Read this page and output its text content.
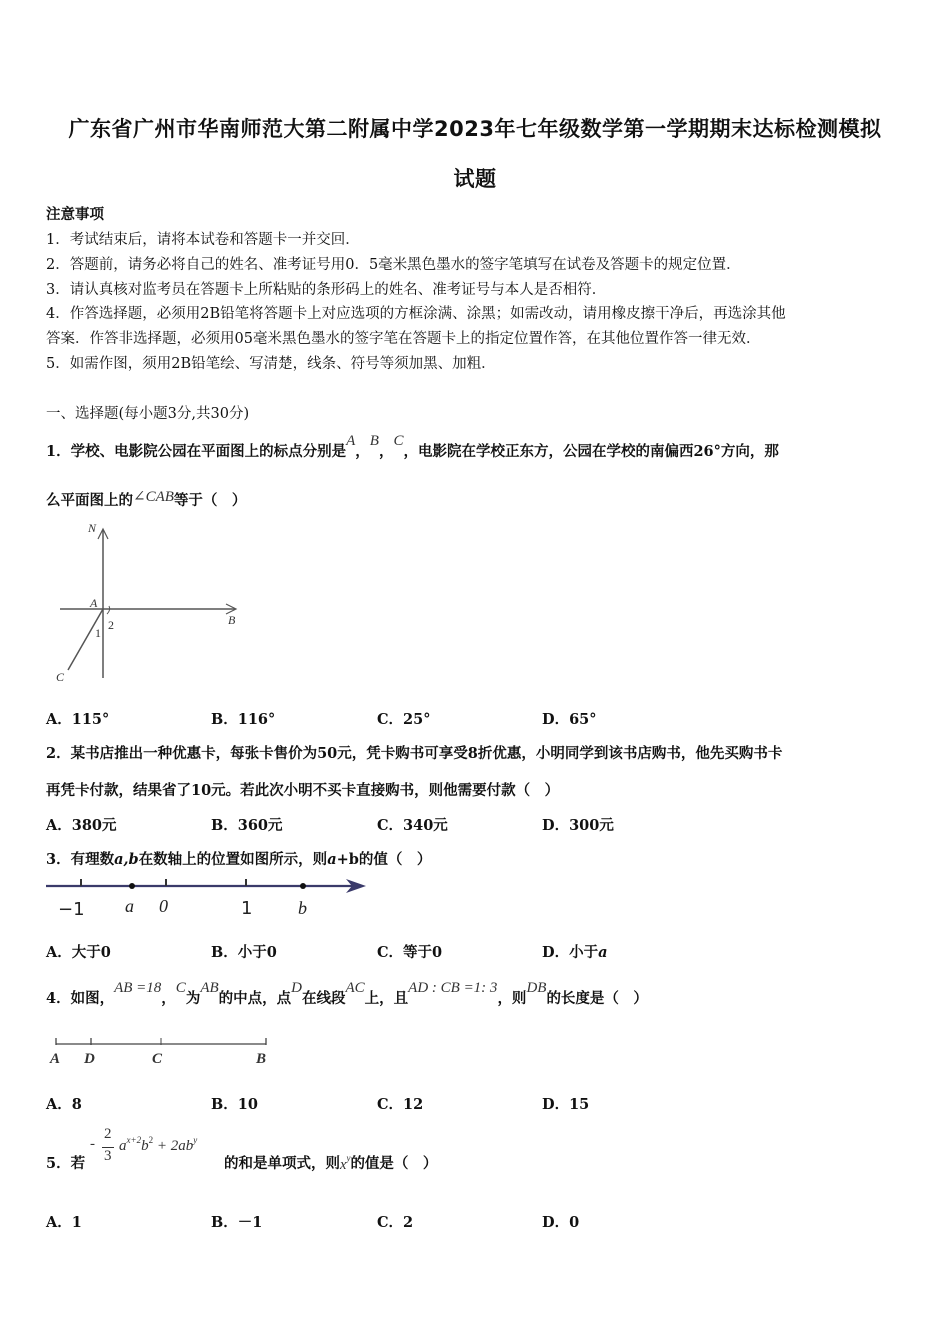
广东省广州市华南师范大第二附属中学2023年七年级数学第一学期期末达标检测模拟
试题
注意事项
1．考试结束后，请将本试卷和答题卡一并交回．
2．答题前，请务必将自己的姓名、准考证号用0．5毫米黑色墨水的签字笔填写在试卷及答题卡的规定位置．
3．请认真核对监考员在答题卡上所粘贴的条形码上的姓名、准考证号与本人是否相符．
4．作答选择题，必须用2B铅笔将答题卡上对应选项的方框涂满、涂黑；如需改动，请用橡皮擦干净后，再选涂其他
答案．作答非选择题，必须用05毫米黑色墨水的签字笔在答题卡上的指定位置作答，在其他位置作答一律无效．
5．如需作图，须用2B铅笔绘、写清楚，线条、符号等须加黑、加粗．
一、选择题(每小题3分,共30分)
1．学校、电影院公园在平面图上的标点分别是A，B，C，电影院在学校正东方，公园在学校的南偏西26°方向，那
么平面图上的∠CAB等于（　）
N
A
B
C
1
2
A．115°	B．116°	C．25°	D．65°
2．某书店推出一种优惠卡，每张卡售价为50元，凭卡购书可享受8折优惠，小明同学到该书店购书，他先买购书卡
再凭卡付款，结果省了10元。若此次小明不买卡直接购书，则他需要付款（　）
A．380元	B．360元	C．340元	D．300元
3．有理数a,b在数轴上的位置如图所示，则a+b的值（　）
−1 a 0	1	b
A．大于0	B．小于0	C．等于0	D．小于a
4．如图，AB =18，C为AB的中点，点D在线段AC上，且AD : CB =1: 3，则DB的长度是（　）
A D	C	B
A．8	B．10	C．12	D．15
5．若
-
2
3
$a^{x+2}b^2 + 2ab^y$
的和是单项式，则$x^y$的值是（　）
A．1	B．－1	C．2	D．0
